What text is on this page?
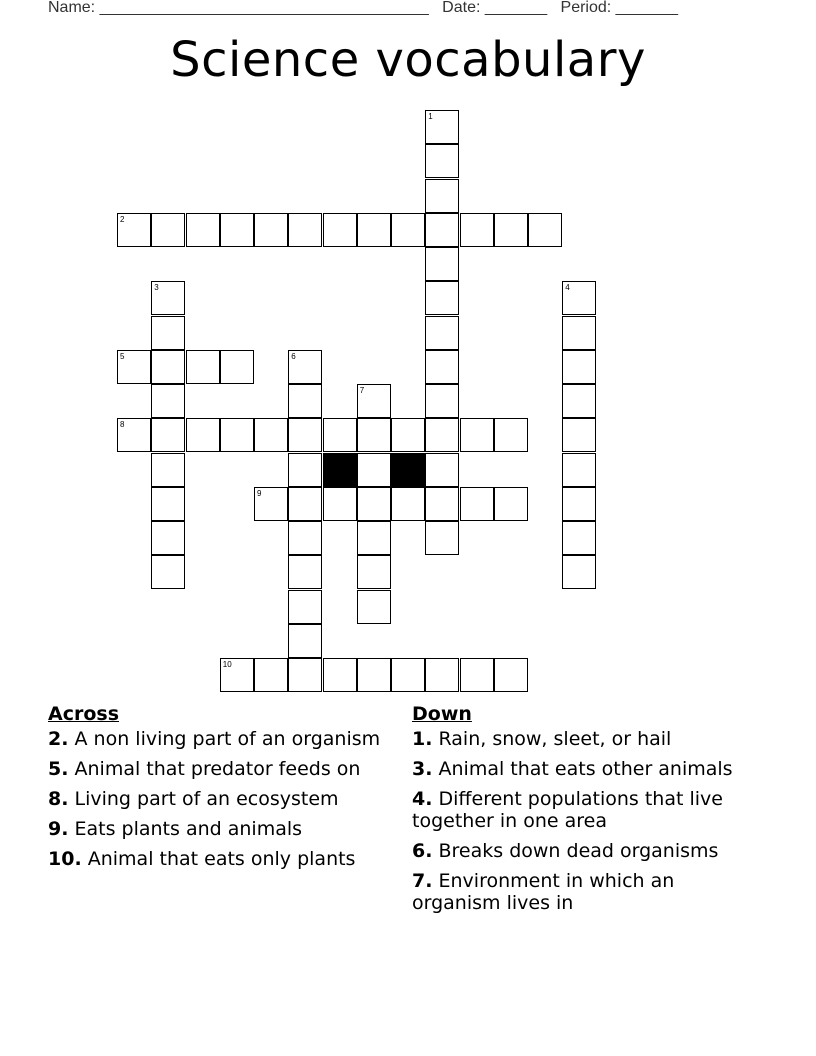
Name: _____________________________________ Date: _______ Period: _______
Science vocabulary
1
2
3	4
5	6
7
8
9
10
Across
2. A non living part of an organism
5. Animal that predator feeds on
8. Living part of an ecosystem
9. Eats plants and animals
10. Animal that eats only plants
Down
1. Rain, snow, sleet, or hail
3. Animal that eats other animals
4. Different populations that live together in one area
6. Breaks down dead organisms
7. Environment in which an organism lives in
